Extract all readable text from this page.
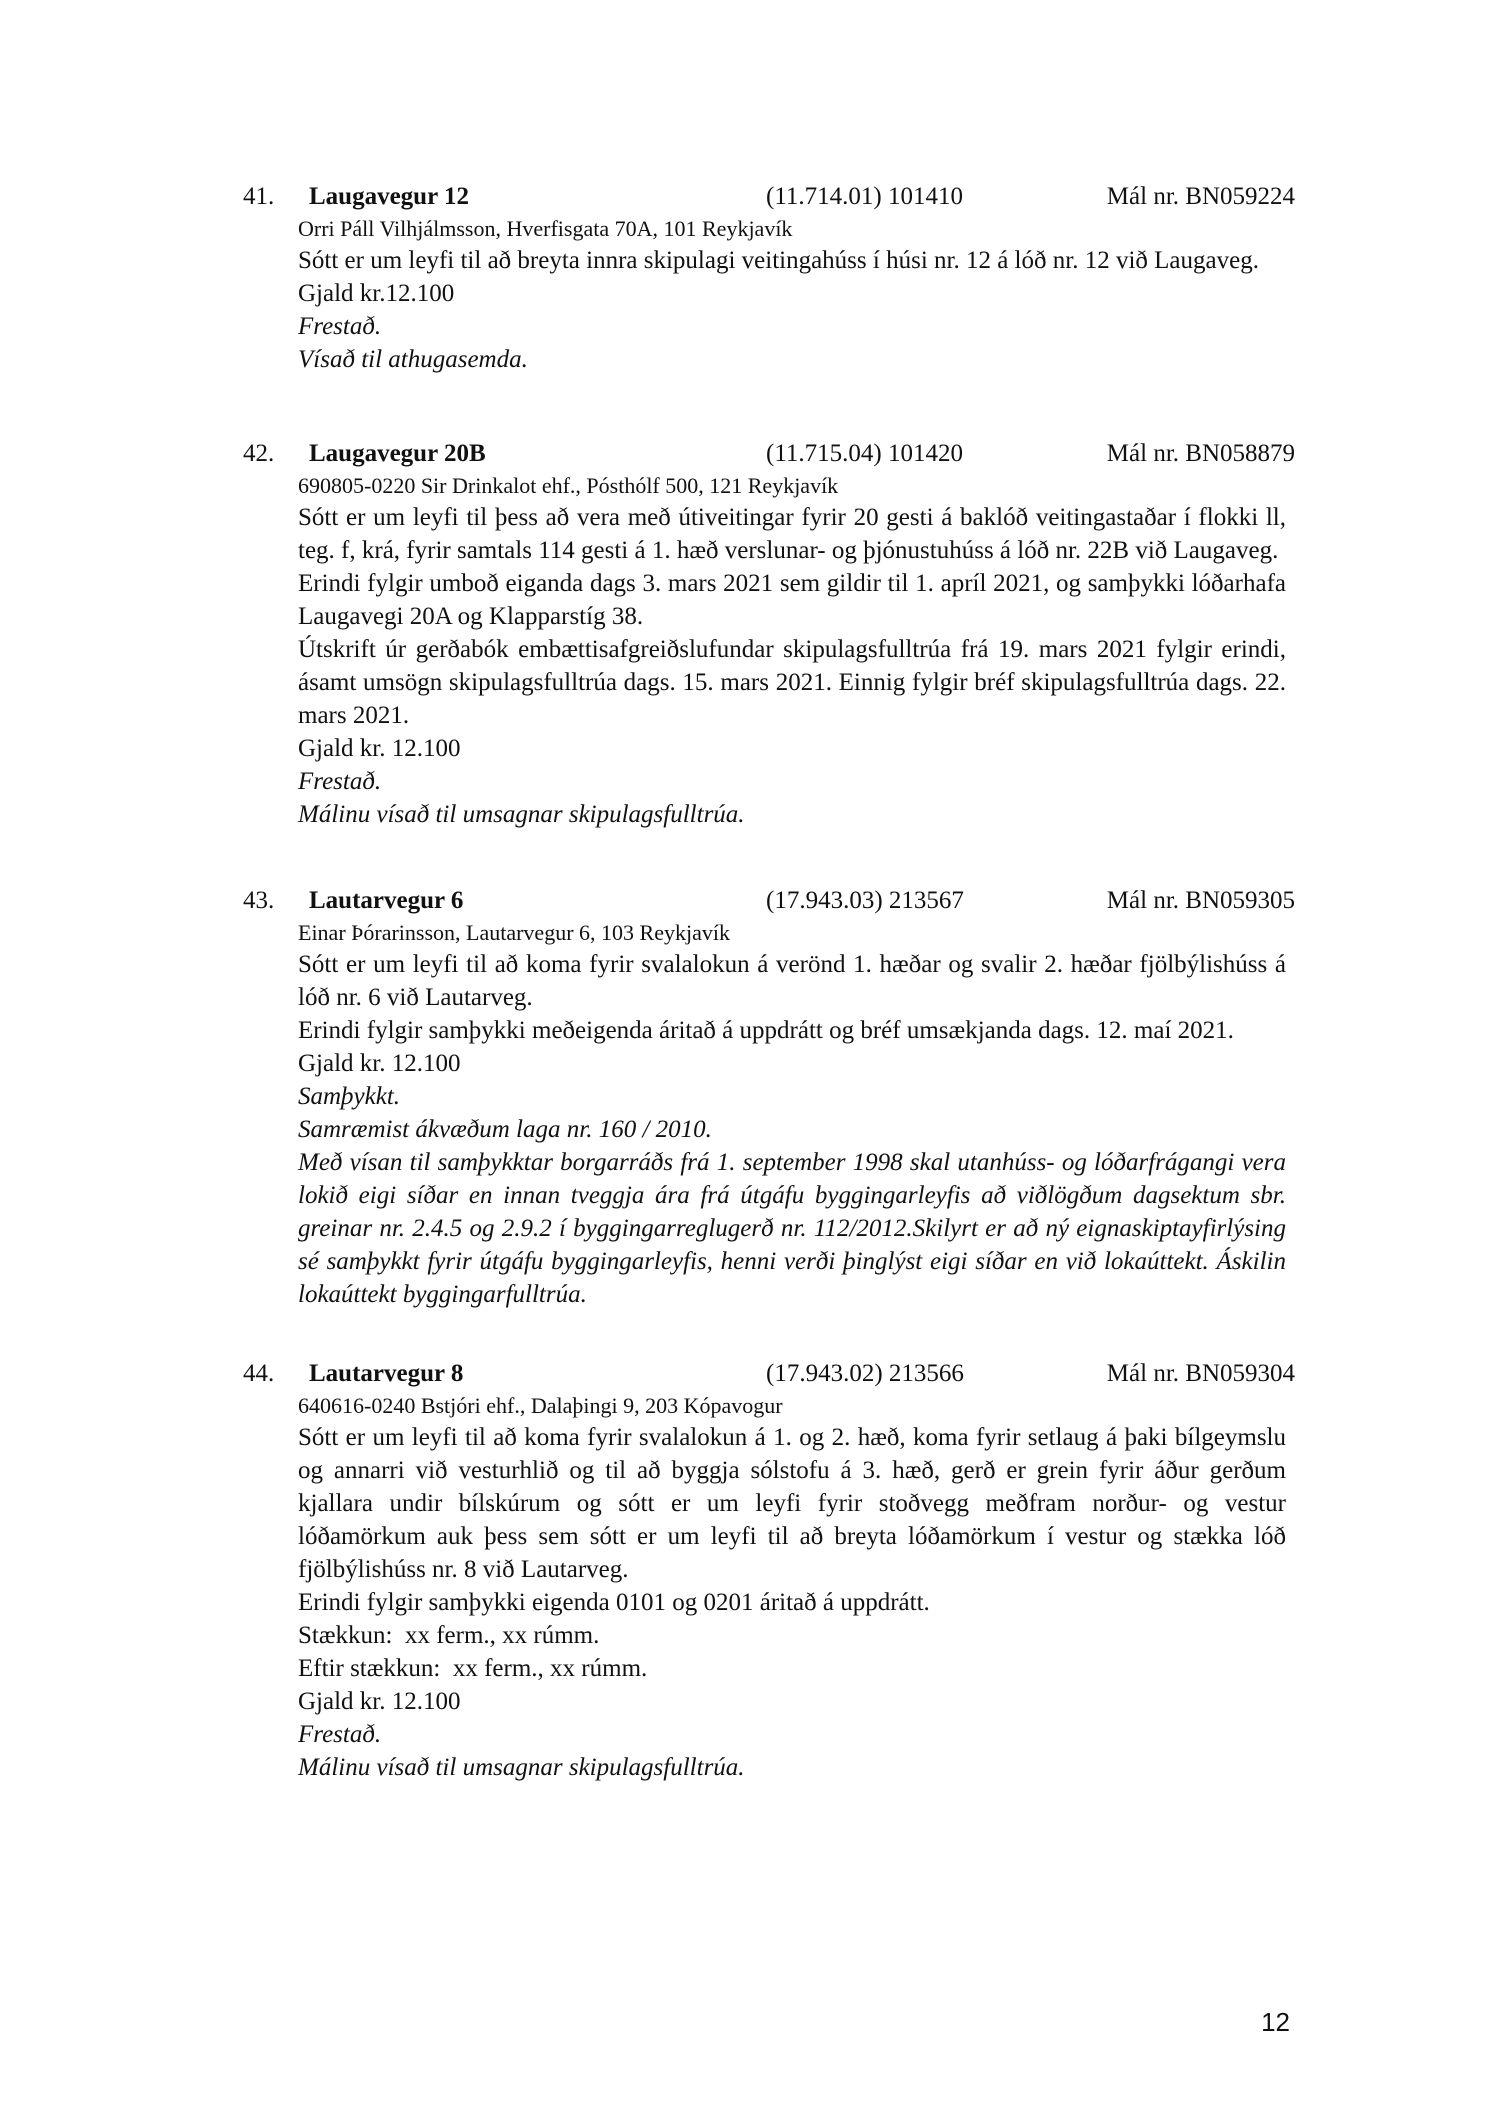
41. Laugavegur 12	(11.714.01) 101410	Mál nr. BN059224
Orri Páll Vilhjálmsson, Hverfisgata 70A, 101 Reykjavík

Sótt er um leyfi til að breyta innra skipulagi veitingahúss í húsi nr. 12 á lóð nr. 12 við Laugaveg.

Gjald kr.12.100

Frestað.

Vísað til athugasemda.

42. Laugavegur 20B	(11.715.04) 101420	Mál nr. BN058879
690805-0220 Sir Drinkalot ehf., Pósthólf 500, 121 Reykjavík

Sótt er um leyfi til þess að vera með útiveitingar fyrir 20 gesti á baklóð veitingastaðar í flokki ll, teg. f, krá, fyrir samtals 114 gesti á 1. hæð verslunar- og þjónustuhúss á lóð nr. 22B við Laugaveg.

Erindi fylgir umboð eiganda dags 3. mars 2021 sem gildir til 1. apríl 2021, og samþykki lóðarhafa Laugavegi 20A og Klapparstíg 38.

Útskrift úr gerðabók embættisafgreiðslufundar skipulagsfulltrúa frá 19. mars 2021 fylgir erindi, ásamt umsögn skipulagsfulltrúa dags. 15. mars 2021. Einnig fylgir bréf skipulagsfulltrúa dags. 22. mars 2021.

Gjald kr. 12.100

Frestað.

Málinu vísað til umsagnar skipulagsfulltrúa.

43. Lautarvegur 6	(17.943.03) 213567	Mál nr. BN059305
Einar Þórarinsson, Lautarvegur 6, 103 Reykjavík

Sótt er um leyfi til að koma fyrir svalalokun á verönd 1. hæðar og svalir 2. hæðar fjölbýlishúss á lóð nr. 6 við Lautarveg.

Erindi fylgir samþykki meðeigenda áritað á uppdrátt og bréf umsækjanda dags. 12. maí 2021.

Gjald kr. 12.100

Samþykkt.

Samræmist ákvæðum laga nr. 160 / 2010.

Með vísan til samþykktar borgarráðs frá 1. september 1998 skal utanhúss- og lóðarfrágangi vera lokið eigi síðar en innan tveggja ára frá útgáfu byggingarleyfis að viðlögðum dagsektum sbr. greinar nr. 2.4.5 og 2.9.2 í byggingarreglugerð nr. 112/2012.Skilyrt er að ný eignaskiptayfirlýsing sé samþykkt fyrir útgáfu byggingarleyfis, henni verði þinglýst eigi síðar en við lokaúttekt. Áskilin lokaúttekt byggingarfulltrúa.

44. Lautarvegur 8	(17.943.02) 213566	Mál nr. BN059304
640616-0240 Bstjóri ehf., Dalaþingi 9, 203 Kópavogur

Sótt er um leyfi til að koma fyrir svalalokun á 1. og 2. hæð, koma fyrir setlaug á þaki bílgeymslu og annarri við vesturhlið og til að byggja sólstofu á 3. hæð, gerð er grein fyrir áður gerðum kjallara undir bílskúrum og sótt er um leyfi fyrir stoðvegg meðfram norður- og vestur lóðamörkum auk þess sem sótt er um leyfi til að breyta lóðamörkum í vestur og stækka lóð fjölbýlishúss nr. 8 við Lautarveg.

Erindi fylgir samþykki eigenda 0101 og 0201 áritað á uppdrátt.

Stækkun:  xx ferm., xx rúmm.

Eftir stækkun:  xx ferm., xx rúmm.

Gjald kr. 12.100

Frestað.

Málinu vísað til umsagnar skipulagsfulltrúa.

12
